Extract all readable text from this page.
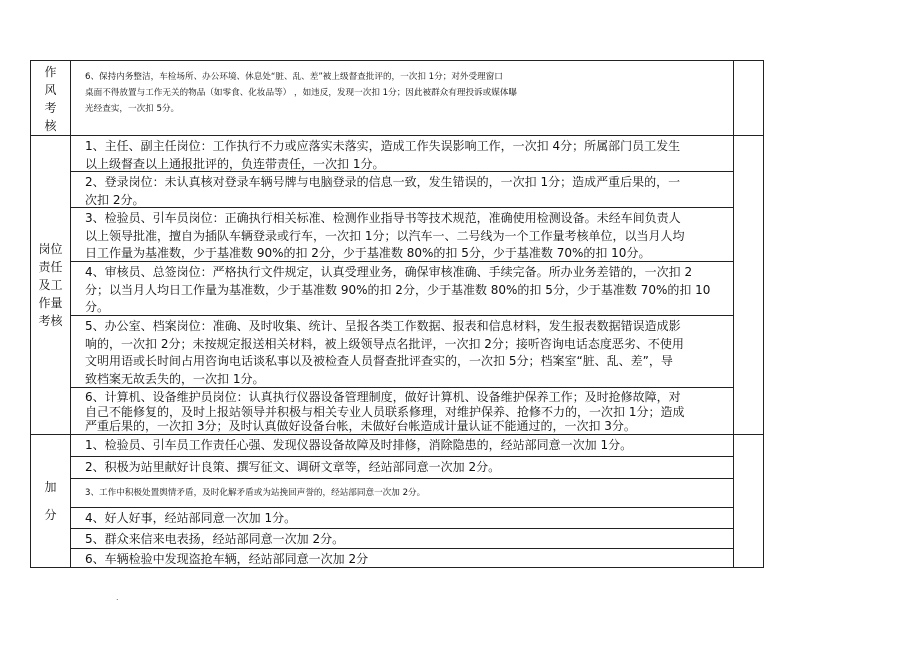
作
风
考
核
岗位
责任
及工
作量
考核
加
分
6、保持内务整洁，车检场所、办公环境、休息处“脏、乱、差”被上级督查批评的，一次扣 1分；对外受理窗口
桌面不得放置与工作无关的物品（如零食、化妆品等） ，如违反，发现一次扣 1分；因此被群众有理投诉或媒体曝
光经查实，一次扣 5分。
1、主任、副主任岗位：工作执行不力或应落实未落实，造成工作失误影响工作，一次扣 4分；所属部门员工发生
以上级督查以上通报批评的，负连带责任，一次扣 1分。
2、登录岗位：未认真核对登录车辆号牌与电脑登录的信息一致，发生错误的，一次扣 1分；造成严重后果的，一
次扣 2分。
3、检验员、引车员岗位：正确执行相关标准、检测作业指导书等技术规范，准确使用检测设备。未经车间负责人
以上领导批准，擅自为插队车辆登录或行车，一次扣 1分；以汽车一、二号线为一个工作量考核单位，以当月人均
日工作量为基准数，少于基准数 90%的扣 2分，少于基准数 80%的扣 5分，少于基准数 70%的扣 10分。
4、审核员、总签岗位：严格执行文件规定，认真受理业务，确保审核准确、手续完备。所办业务差错的，一次扣 2
分；以当月人均日工作量为基准数，少于基准数 90%的扣 2分，少于基准数 80%的扣 5分，少于基准数 70%的扣 10
分。
5、办公室、档案岗位：准确、及时收集、统计、呈报各类工作数据、报表和信息材料，发生报表数据错误造成影
响的，一次扣 2分；未按规定报送相关材料，被上级领导点名批评，一次扣 2分；接听咨询电话态度恶劣、不使用
文明用语或长时间占用咨询电话谈私事以及被检查人员督查批评查实的，一次扣 5分；档案室“脏、乱、差”，导
致档案无故丢失的，一次扣 1分。
6、计算机、设备维护员岗位：认真执行仪器设备管理制度，做好计算机、设备维护保养工作；及时抢修故障，对
自己不能修复的，及时上报站领导并积极与相关专业人员联系修理，对维护保养、抢修不力的，一次扣 1分；造成
严重后果的，一次扣 3分；及时认真做好设备台帐，未做好台帐造成计量认证不能通过的，一次扣 3分。
1、检验员、引车员工作责任心强、发现仪器设备故障及时排修，消除隐患的，经站部同意一次加 1分。
2、积极为站里献好计良策、撰写征文、调研文章等，经站部同意一次加 2分。
3、工作中积极处置舆情矛盾，及时化解矛盾或为站挽回声誉的，经站部同意一次加 2分。
4、好人好事，经站部同意一次加 1分。
5、群众来信来电表扬，经站部同意一次加 2分。
6、车辆检验中发现盗抢车辆，经站部同意一次加 2分
.
